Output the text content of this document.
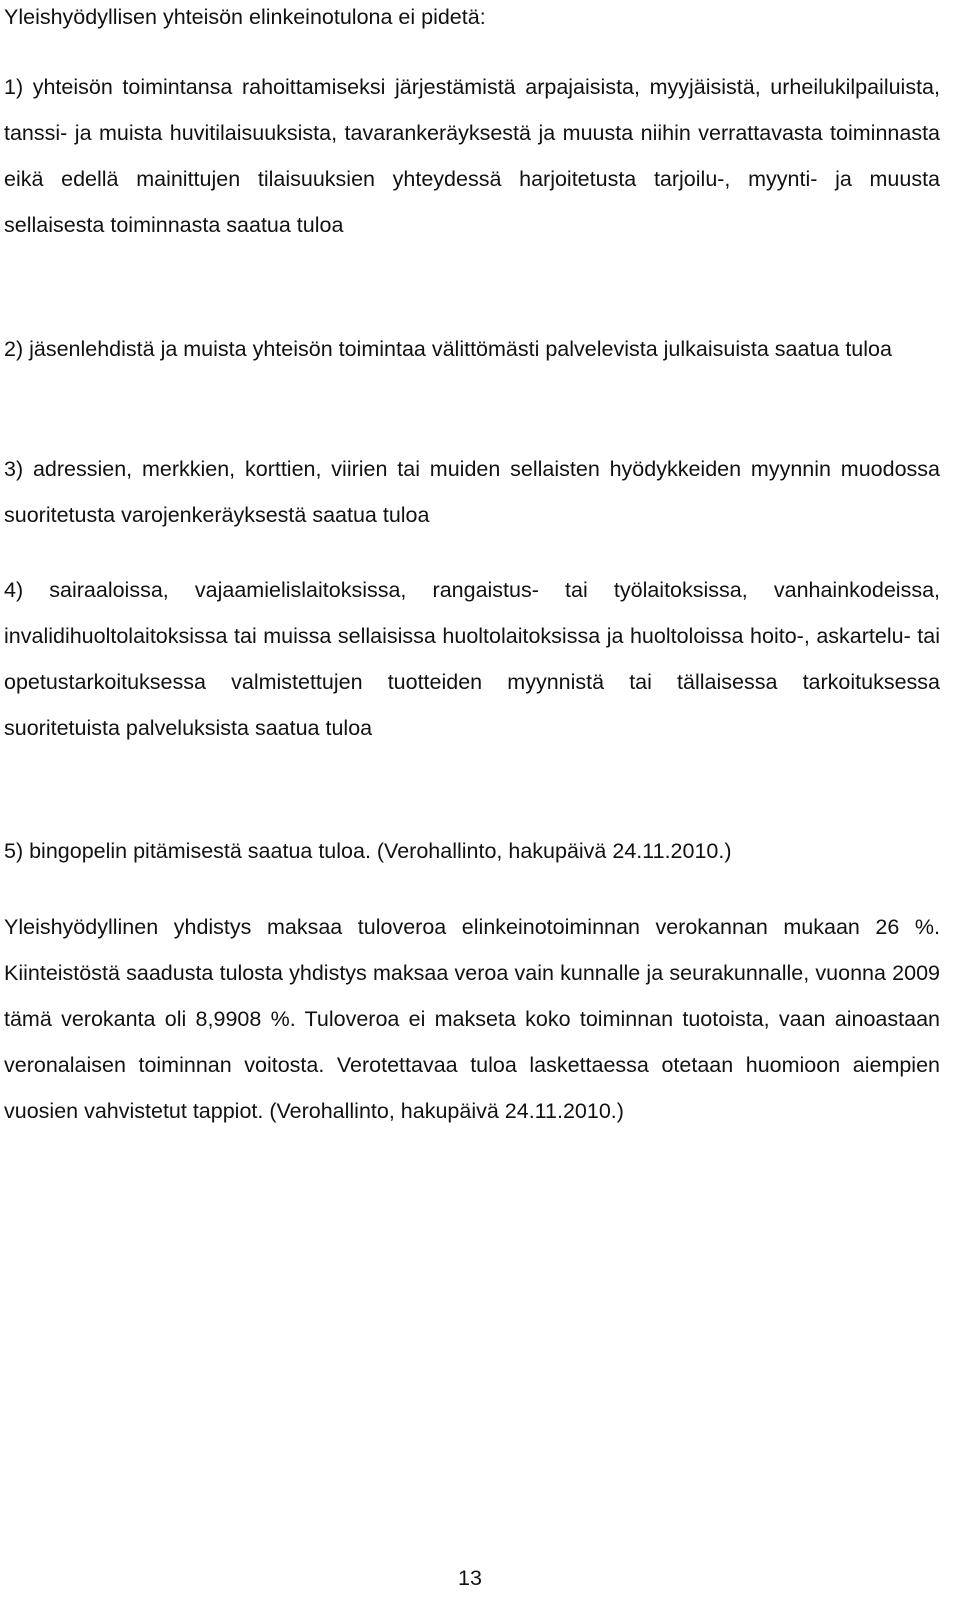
Yleishyödyllisen yhteisön elinkeinotulona ei pidetä:

1) yhteisön toimintansa rahoittamiseksi järjestämistä arpajaisista, myyjäisistä, urheilukilpailuista, tanssi- ja muista huvitilaisuuksista, tavarankeräyksestä ja muusta niihin verrattavasta toiminnasta eikä edellä mainittujen tilaisuuksien yhteydessä harjoitetusta tarjoilu-, myynti- ja muusta sellaisesta toiminnasta saatua tuloa

2) jäsenlehdistä ja muista yhteisön toimintaa välittömästi palvelevista julkaisuista saatua tuloa

3) adressien, merkkien, korttien, viirien tai muiden sellaisten hyödykkeiden myynnin muodossa suoritetusta varojenkeräyksestä saatua tuloa

4) sairaaloissa, vajaamielislaitoksissa, rangaistus- tai työlaitoksissa, vanhainkodeissa, invalidihuoltolaitoksissa tai muissa sellaisissa huoltolaitoksissa ja huoltoloissa hoito-, askartelu- tai opetustarkoituksessa valmistettujen tuotteiden myynnistä tai tällaisessa tarkoituksessa suoritetuista palveluksista saatua tuloa

5) bingopelin pitämisestä saatua tuloa. (Verohallinto, hakupäivä 24.11.2010.)

Yleishyödyllinen yhdistys maksaa tuloveroa elinkeinotoiminnan verokannan mukaan 26 %. Kiinteistöstä saadusta tulosta yhdistys maksaa veroa vain kunnalle ja seurakunnalle, vuonna 2009 tämä verokanta oli 8,9908 %. Tuloveroa ei makseta koko toiminnan tuotoista, vaan ainoastaan veronalaisen toiminnan voitosta. Verotettavaa tuloa laskettaessa otetaan huomioon aiempien vuosien vahvistetut tappiot. (Verohallinto, hakupäivä 24.11.2010.)

13
